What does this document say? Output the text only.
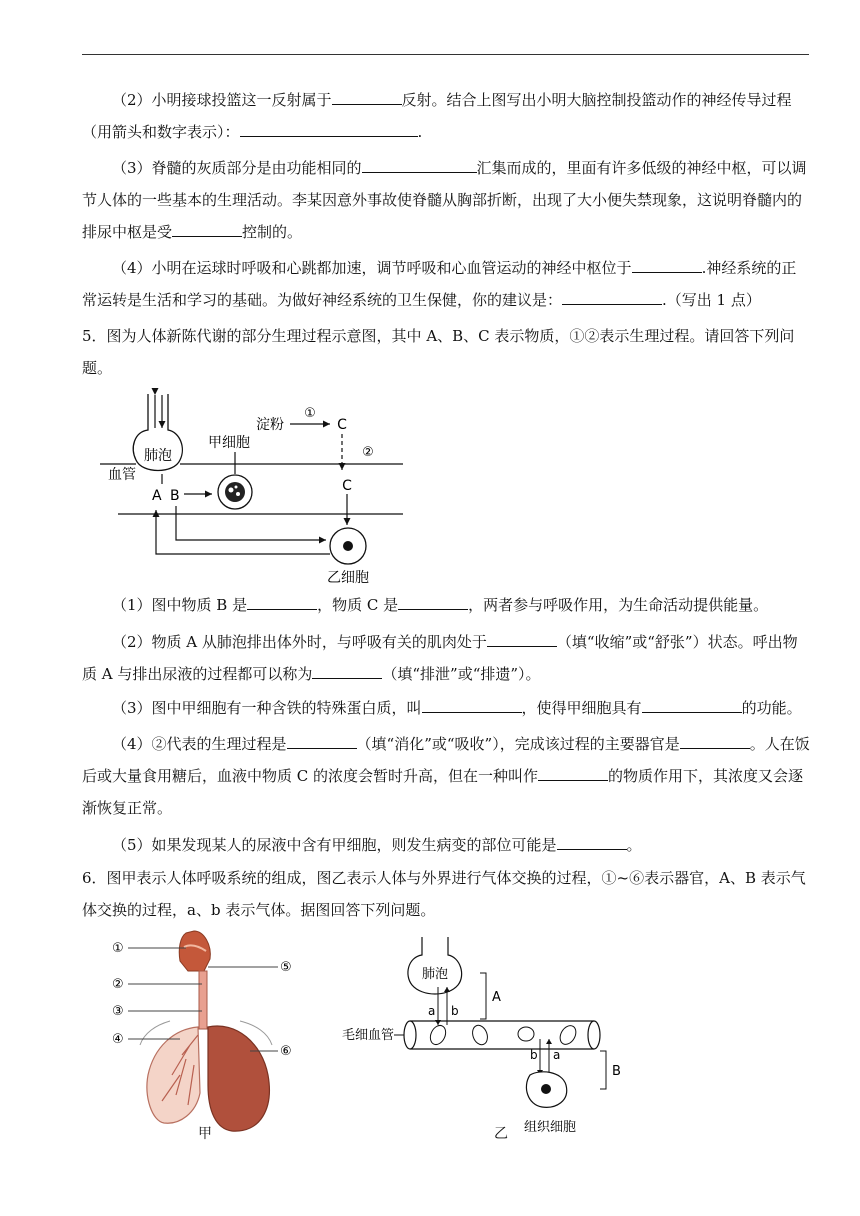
（2）小明接球投篮这一反射属于	反射。结合上图写出小明大脑控制投篮动作的神经传导过程（用箭头和数字表示）：	.
（3）脊髓的灰质部分是由功能相同的	汇集而成的，里面有许多低级的神经中枢，可以调节人体的一些基本的生理活动。李某因意外事故使脊髓从胸部折断，出现了大小便失禁现象，这说明脊髓内的排尿中枢是受	控制的。
（4）小明在运球时呼吸和心跳都加速，调节呼吸和心血管运动的神经中枢位于	.神经系统的正常运转是生活和学习的基础。为做好神经系统的卫生保健，你的建议是：	.（写出 1 点）
5．图为人体新陈代谢的部分生理过程示意图，其中 A、B、C 表示物质，①②表示生理过程。请回答下列问题。
肺泡
血管
A B
甲细胞
淀粉
①
C
②
C
乙细胞
（1）图中物质 B 是	，物质 C 是	，两者参与呼吸作用，为生命活动提供能量。
（2）物质 A 从肺泡排出体外时，与呼吸有关的肌肉处于	（填“收缩”或“舒张”）状态。呼出物质 A 与排出尿液的过程都可以称为	（填“排泄”或“排遗”）。
（3）图中甲细胞有一种含铁的特殊蛋白质，叫	，使得甲细胞具有	的功能。
（4）②代表的生理过程是	（填“消化”或“吸收”），完成该过程的主要器官是	。人在饭后或大量食用糖后，血液中物质 C 的浓度会暂时升高，但在一种叫作	的物质作用下，其浓度又会逐渐恢复正常。
（5）如果发现某人的尿液中含有甲细胞，则发生病变的部位可能是	。
6．图甲表示人体呼吸系统的组成，图乙表示人体与外界进行气体交换的过程，①~⑥表示器官，A、B 表示气体交换的过程，a、b 表示气体。据图回答下列问题。
①
⑤
②
③
④
⑥
甲
肺泡
A
a b
毛细血管
b a
组织细胞
B
乙
